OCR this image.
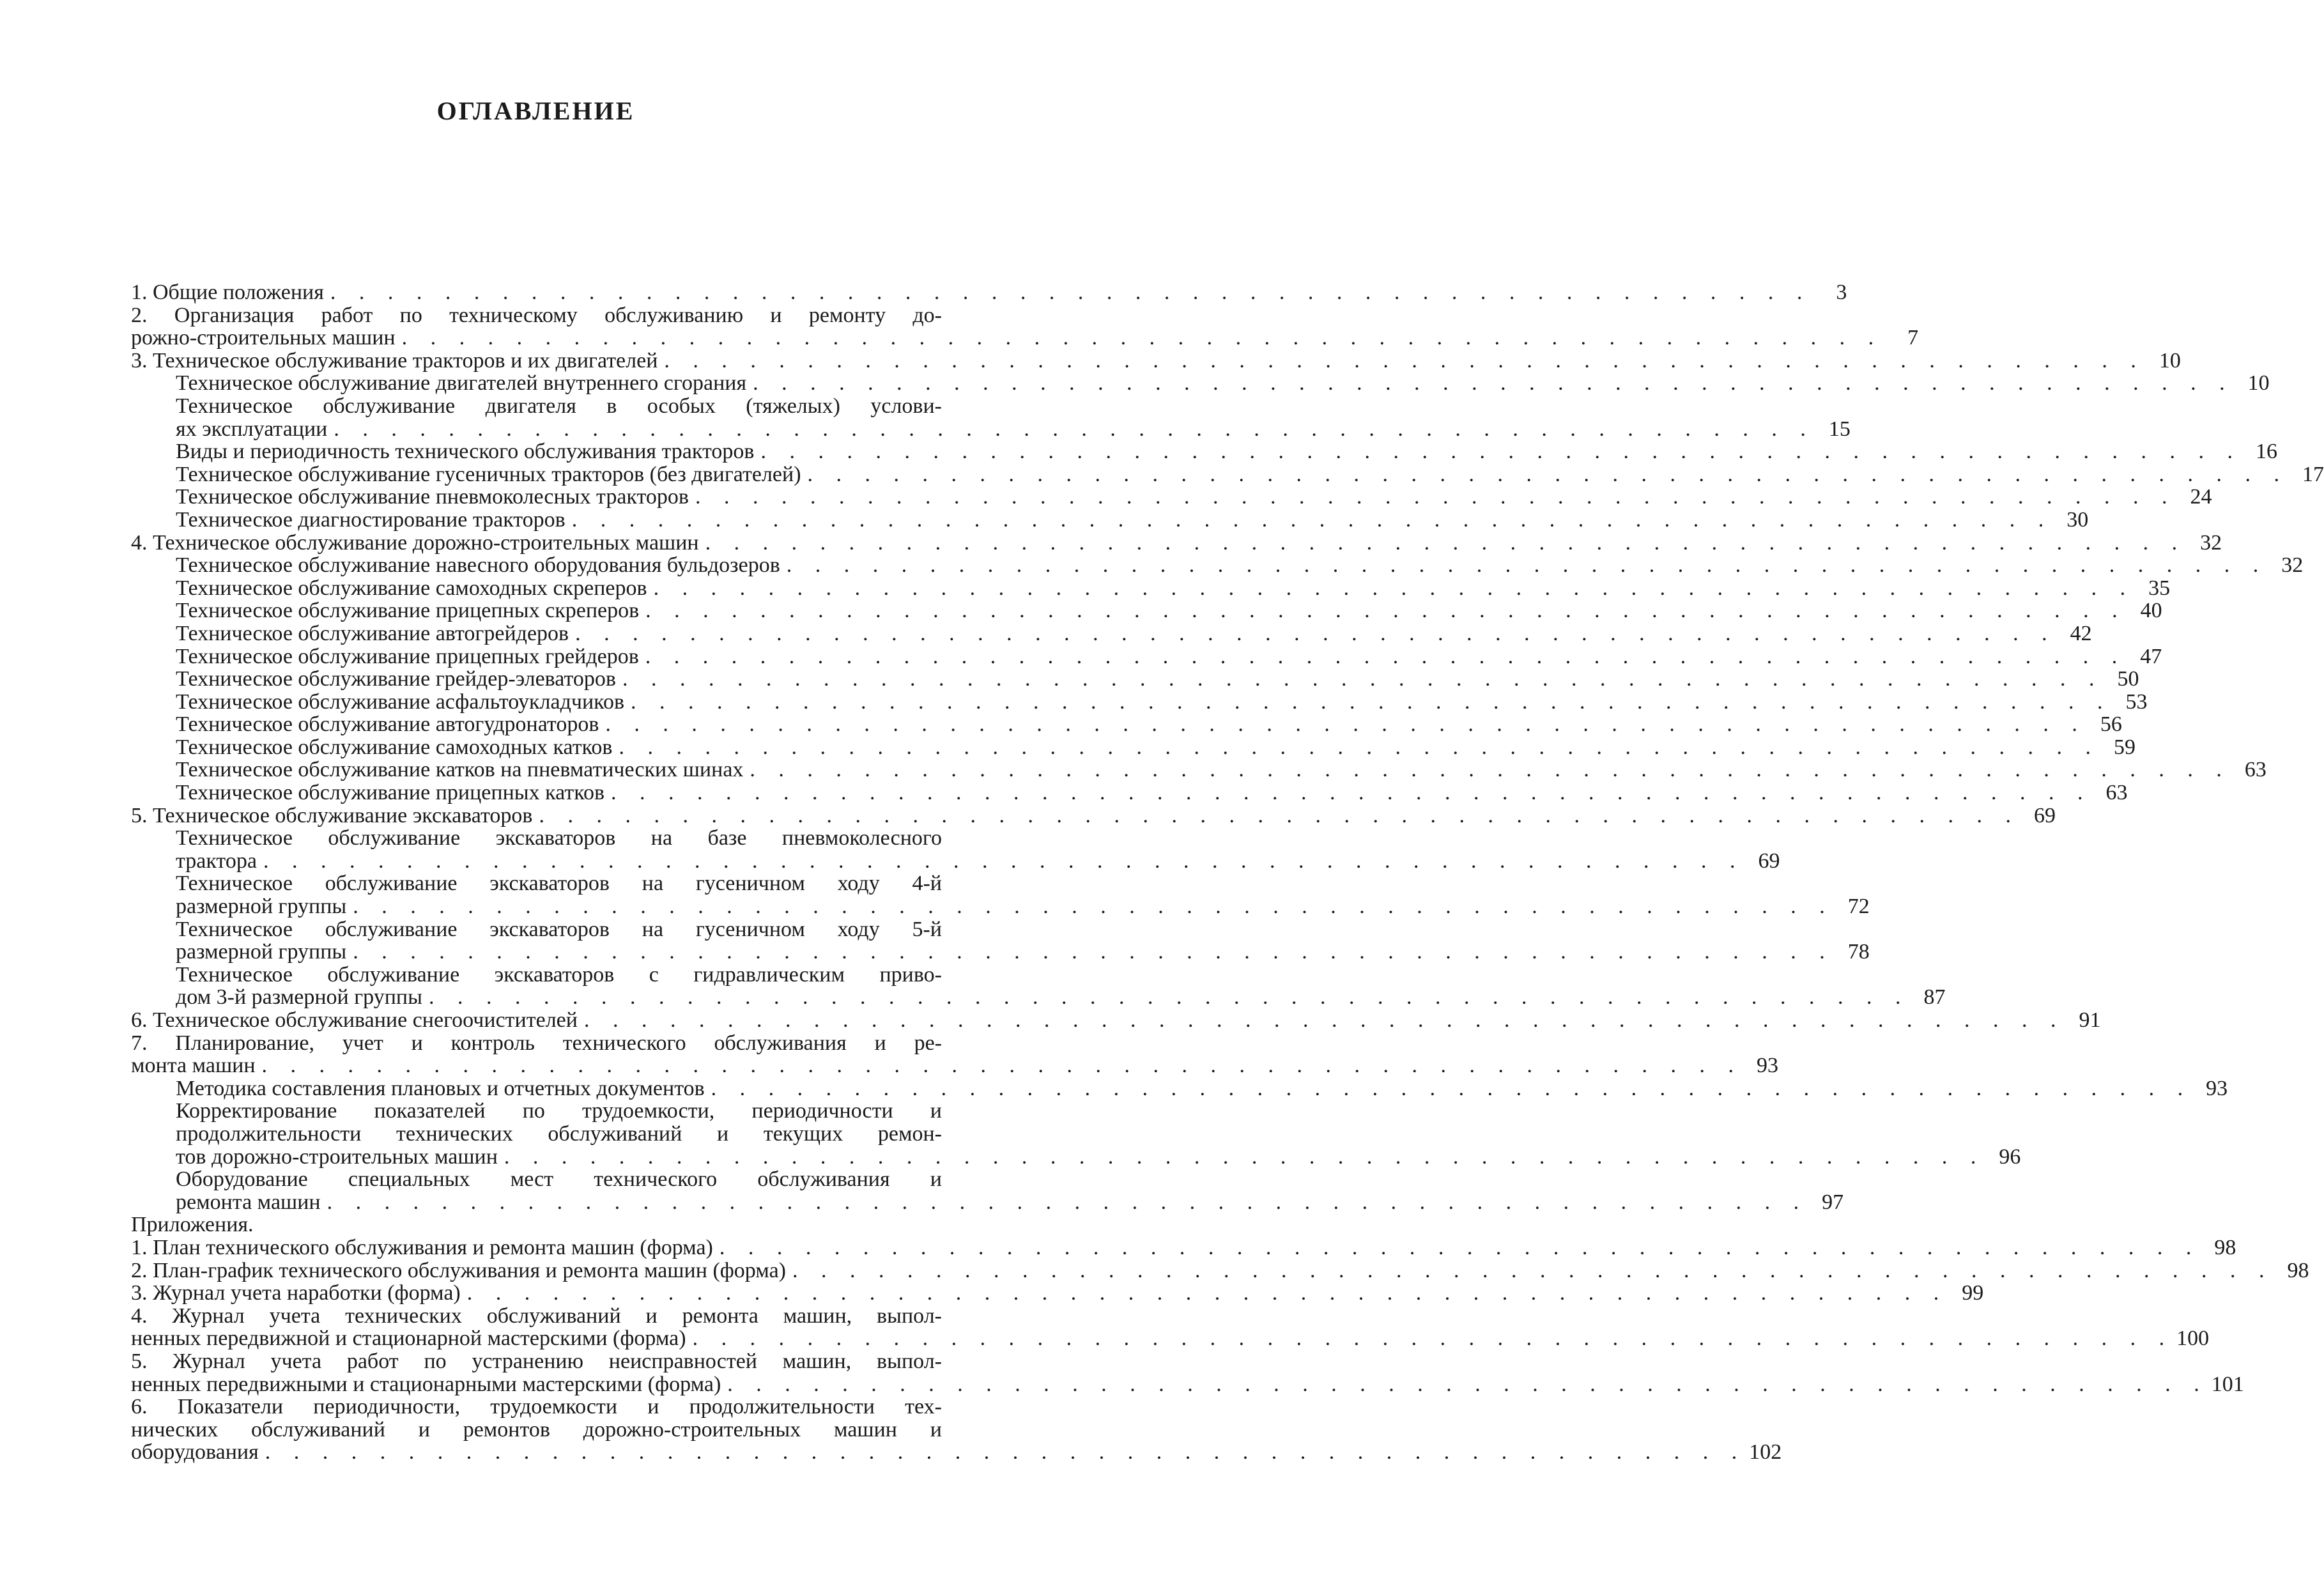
ОГЛАВЛЕНИЕ
1. Общие положения . . . . . . . . . . . . . . . . . . . . . . . . . . . . . . . . . . . . . . . . . . . . . . . . . . . .	3
2. Организация работ по техническому обслуживанию и ремонту до-
рожно-строительных машин . . . . . . . . . . . . . . . . . . . . . . . . . . . . . . . . . . . . . . . . . . . . . . . . . . . .	7
3. Техническое обслуживание тракторов и их двигателей . . . . . . . . . . . . . . . . . . . . . . . . . . . . . . . . . . . . . . . . . . . . . . . . . . . . 10
Техническое обслуживание двигателей внутреннего сгорания . . . . . . . . . . . . . . . . . . . . . . . . . . . . . . . . . . . . . . . . . . . . . . . . . . . . 10
Техническое обслуживание двигателя в особых (тяжелых) услови-
ях эксплуатации . . . . . . . . . . . . . . . . . . . . . . . . . . . . . . . . . . . . . . . . . . . . . . . . . . . . 15
Виды и периодичность технического обслуживания тракторов . . . . . . . . . . . . . . . . . . . . . . . . . . . . . . . . . . . . . . . . . . . . . . . . . . . . 16
Техническое обслуживание гусеничных тракторов (без двигателей) . . . . . . . . . . . . . . . . . . . . . . . . . . . . . . . . . . . . . . . . . . . . . . . . . . . . 17
Техническое обслуживание пневмоколесных тракторов . . . . . . . . . . . . . . . . . . . . . . . . . . . . . . . . . . . . . . . . . . . . . . . . . . . . 24
Техническое диагностирование тракторов . . . . . . . . . . . . . . . . . . . . . . . . . . . . . . . . . . . . . . . . . . . . . . . . . . . . 30
4. Техническое обслуживание дорожно-строительных машин . . . . . . . . . . . . . . . . . . . . . . . . . . . . . . . . . . . . . . . . . . . . . . . . . . . . 32
Техническое обслуживание навесного оборудования бульдозеров . . . . . . . . . . . . . . . . . . . . . . . . . . . . . . . . . . . . . . . . . . . . . . . . . . . . 32
Техническое обслуживание самоходных скреперов . . . . . . . . . . . . . . . . . . . . . . . . . . . . . . . . . . . . . . . . . . . . . . . . . . . . 35
Техническое обслуживание прицепных скреперов . . . . . . . . . . . . . . . . . . . . . . . . . . . . . . . . . . . . . . . . . . . . . . . . . . . . 40
Техническое обслуживание автогрейдеров . . . . . . . . . . . . . . . . . . . . . . . . . . . . . . . . . . . . . . . . . . . . . . . . . . . . 42
Техническое обслуживание прицепных грейдеров . . . . . . . . . . . . . . . . . . . . . . . . . . . . . . . . . . . . . . . . . . . . . . . . . . . . 47
Техническое обслуживание грейдер-элеваторов . . . . . . . . . . . . . . . . . . . . . . . . . . . . . . . . . . . . . . . . . . . . . . . . . . . . 50
Техническое обслуживание асфальтоукладчиков . . . . . . . . . . . . . . . . . . . . . . . . . . . . . . . . . . . . . . . . . . . . . . . . . . . . 53
Техническое обслуживание автогудронаторов . . . . . . . . . . . . . . . . . . . . . . . . . . . . . . . . . . . . . . . . . . . . . . . . . . . . 56
Техническое обслуживание самоходных катков . . . . . . . . . . . . . . . . . . . . . . . . . . . . . . . . . . . . . . . . . . . . . . . . . . . . 59
Техническое обслуживание катков на пневматических шинах . . . . . . . . . . . . . . . . . . . . . . . . . . . . . . . . . . . . . . . . . . . . . . . . . . . . 63
Техническое обслуживание прицепных катков . . . . . . . . . . . . . . . . . . . . . . . . . . . . . . . . . . . . . . . . . . . . . . . . . . . . 63
5. Техническое обслуживание экскаваторов . . . . . . . . . . . . . . . . . . . . . . . . . . . . . . . . . . . . . . . . . . . . . . . . . . . . 69
Техническое обслуживание экскаваторов на базе пневмоколесного
трактора . . . . . . . . . . . . . . . . . . . . . . . . . . . . . . . . . . . . . . . . . . . . . . . . . . . . 69
Техническое обслуживание экскаваторов на гусеничном ходу 4-й
размерной группы . . . . . . . . . . . . . . . . . . . . . . . . . . . . . . . . . . . . . . . . . . . . . . . . . . . . 72
Техническое обслуживание экскаваторов на гусеничном ходу 5-й
размерной группы . . . . . . . . . . . . . . . . . . . . . . . . . . . . . . . . . . . . . . . . . . . . . . . . . . . . 78
Техническое обслуживание экскаваторов с гидравлическим приво-
дом 3-й размерной группы . . . . . . . . . . . . . . . . . . . . . . . . . . . . . . . . . . . . . . . . . . . . . . . . . . . . 87
6. Техническое обслуживание снегоочистителей . . . . . . . . . . . . . . . . . . . . . . . . . . . . . . . . . . . . . . . . . . . . . . . . . . . . 91
7. Планирование, учет и контроль технического обслуживания и ре-
монта машин . . . . . . . . . . . . . . . . . . . . . . . . . . . . . . . . . . . . . . . . . . . . . . . . . . . . 93
Методика составления плановых и отчетных документов . . . . . . . . . . . . . . . . . . . . . . . . . . . . . . . . . . . . . . . . . . . . . . . . . . . . 93
Корректирование показателей по трудоемкости, периодичности и
продолжительности технических обслуживаний и текущих ремон-
тов дорожно-строительных машин . . . . . . . . . . . . . . . . . . . . . . . . . . . . . . . . . . . . . . . . . . . . . . . . . . . . 96
Оборудование специальных мест технического обслуживания и
ремонта машин . . . . . . . . . . . . . . . . . . . . . . . . . . . . . . . . . . . . . . . . . . . . . . . . . . . . 97
Приложения.
1. План технического обслуживания и ремонта машин (форма) . . . . . . . . . . . . . . . . . . . . . . . . . . . . . . . . . . . . . . . . . . . . . . . . . . . . 98
2. План-график технического обслуживания и ремонта машин (форма) . . . . . . . . . . . . . . . . . . . . . . . . . . . . . . . . . . . . . . . . . . . . . . . . . . . . 98
3. Журнал учета наработки (форма) . . . . . . . . . . . . . . . . . . . . . . . . . . . . . . . . . . . . . . . . . . . . . . . . . . . . 99
4. Журнал учета технических обслуживаний и ремонта машин, выпол-
ненных передвижной и стационарной мастерскими (форма) . . . . . . . . . . . . . . . . . . . . . . . . . . . . . . . . . . . . . . . . . . . . . . . . . . . . 100
5. Журнал учета работ по устранению неисправностей машин, выпол-
ненных передвижными и стационарными мастерскими (форма) . . . . . . . . . . . . . . . . . . . . . . . . . . . . . . . . . . . . . . . . . . . . . . . . . . . . 101
6. Показатели периодичности, трудоемкости и продолжительности тех-
нических обслуживаний и ремонтов дорожно-строительных машин и
оборудования . . . . . . . . . . . . . . . . . . . . . . . . . . . . . . . . . . . . . . . . . . . . . . . . . . . . 102
